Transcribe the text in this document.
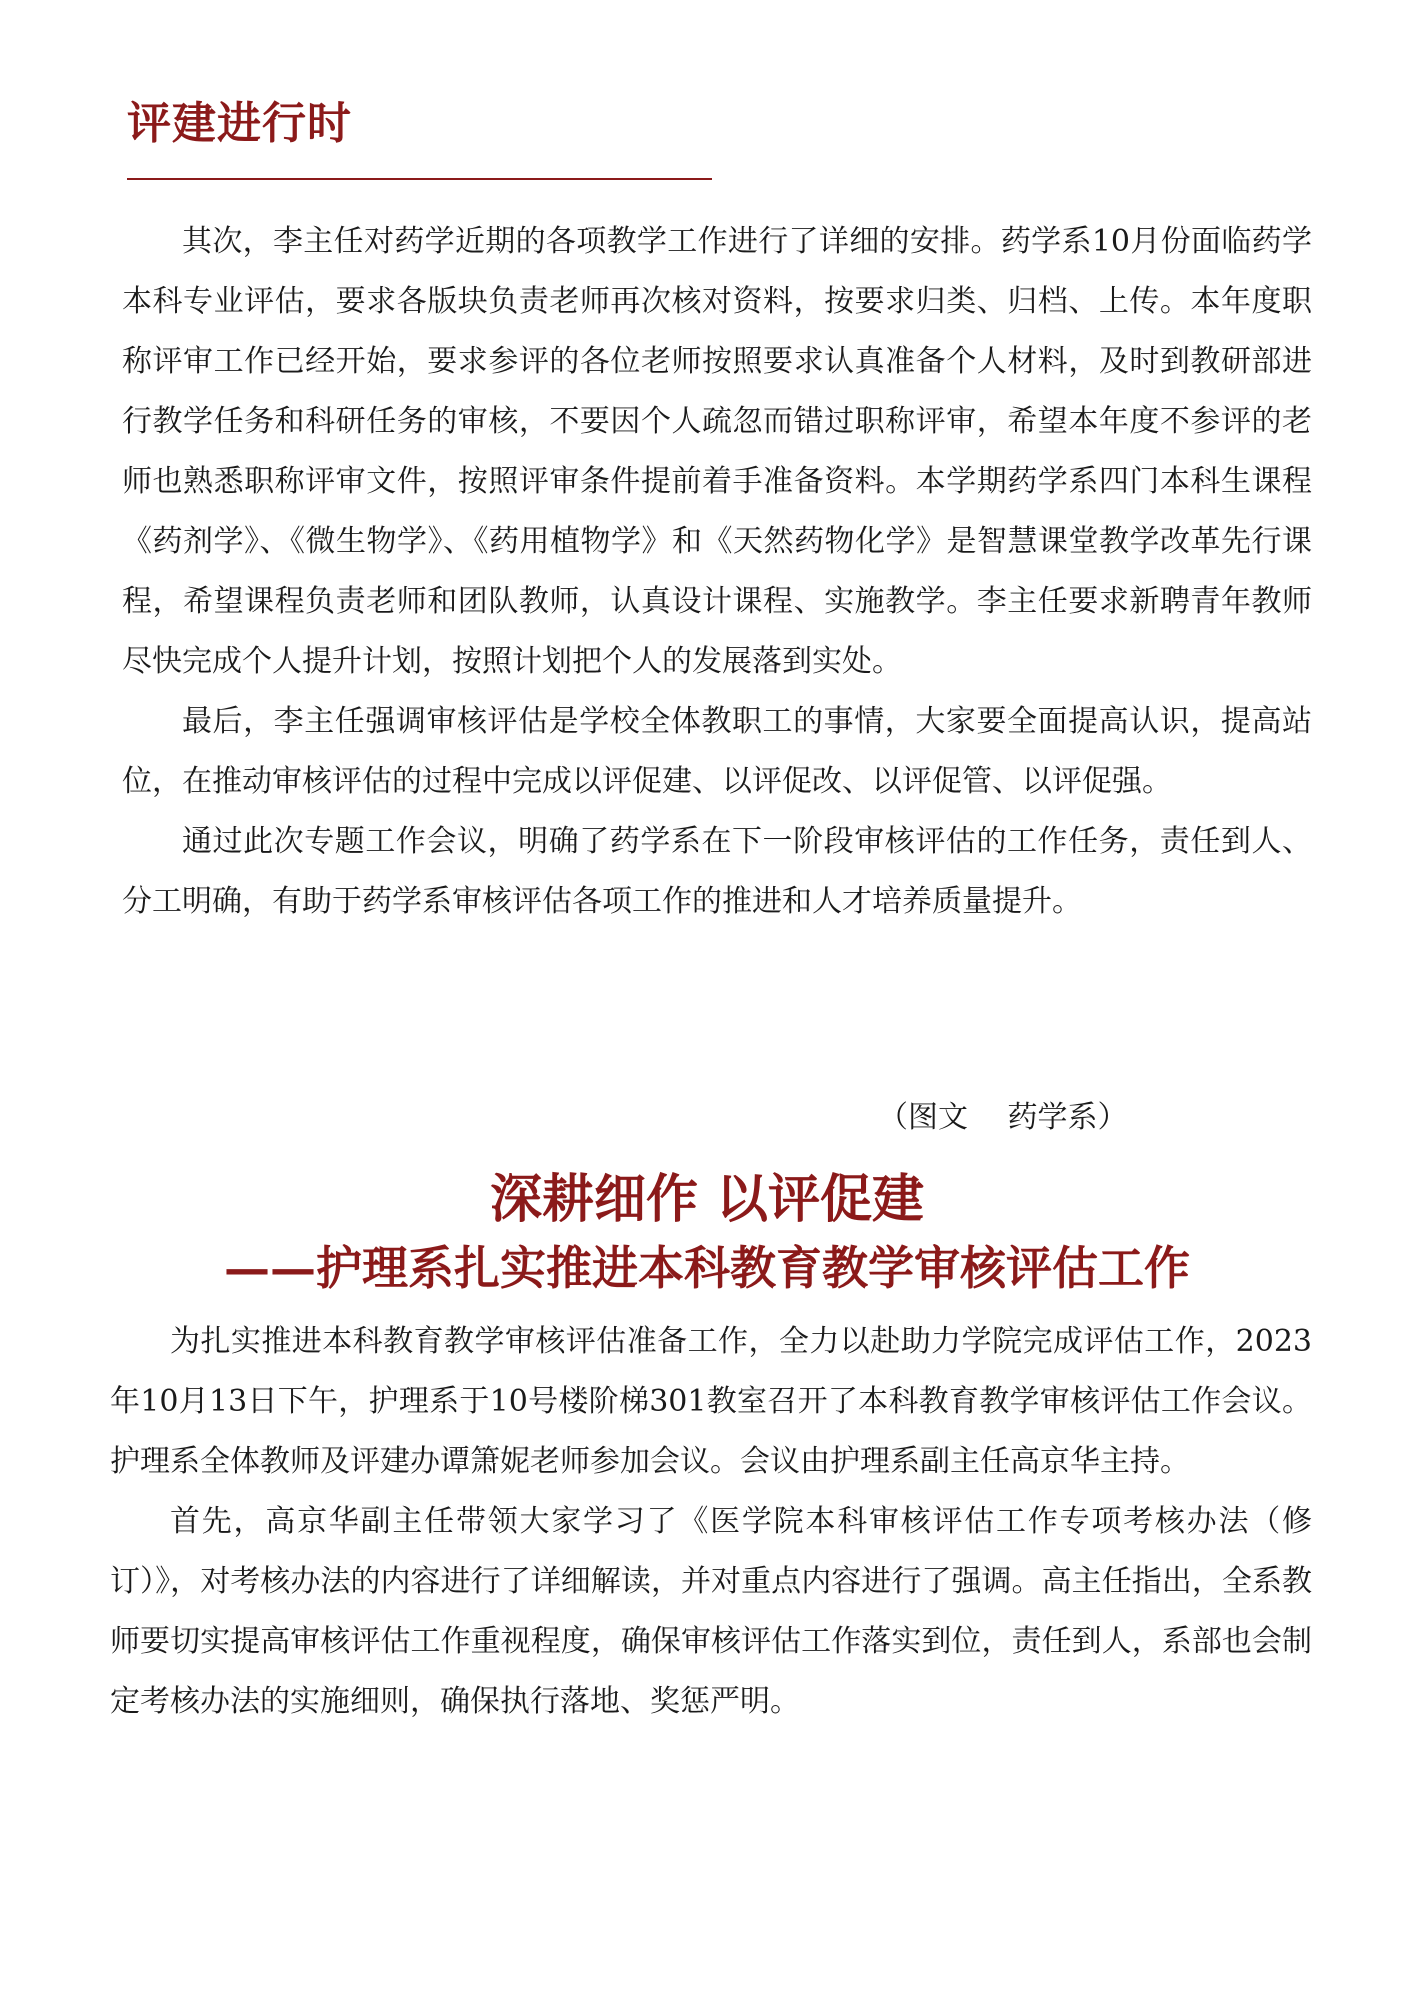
评建进行时

其次，李主任对药学近期的各项教学工作进行了详细的安排。药学系10月份面临药学本科专业评估，要求各版块负责老师再次核对资料，按要求归类、归档、上传。本年度职称评审工作已经开始，要求参评的各位老师按照要求认真准备个人材料，及时到教研部进行教学任务和科研任务的审核，不要因个人疏忽而错过职称评审，希望本年度不参评的老师也熟悉职称评审文件，按照评审条件提前着手准备资料。本学期药学系四门本科生课程《药剂学》、《微生物学》、《药用植物学》和《天然药物化学》是智慧课堂教学改革先行课程，希望课程负责老师和团队教师，认真设计课程、实施教学。李主任要求新聘青年教师尽快完成个人提升计划，按照计划把个人的发展落到实处。

最后，李主任强调审核评估是学校全体教职工的事情，大家要全面提高认识，提高站位，在推动审核评估的过程中完成以评促建、以评促改、以评促管、以评促强。

通过此次专题工作会议，明确了药学系在下一阶段审核评估的工作任务，责任到人、分工明确，有助于药学系审核评估各项工作的推进和人才培养质量提升。

（图文　 药学系）
深耕细作 以评促建
——护理系扎实推进本科教育教学审核评估工作

为扎实推进本科教育教学审核评估准备工作，全力以赴助力学院完成评估工作，2023年10月13日下午，护理系于10号楼阶梯301教室召开了本科教育教学审核评估工作会议。护理系全体教师及评建办谭箫妮老师参加会议。会议由护理系副主任高京华主持。

首先，高京华副主任带领大家学习了《医学院本科审核评估工作专项考核办法（修订）》，对考核办法的内容进行了详细解读，并对重点内容进行了强调。高主任指出，全系教师要切实提高审核评估工作重视程度，确保审核评估工作落实到位，责任到人，系部也会制定考核办法的实施细则，确保执行落地、奖惩严明。
